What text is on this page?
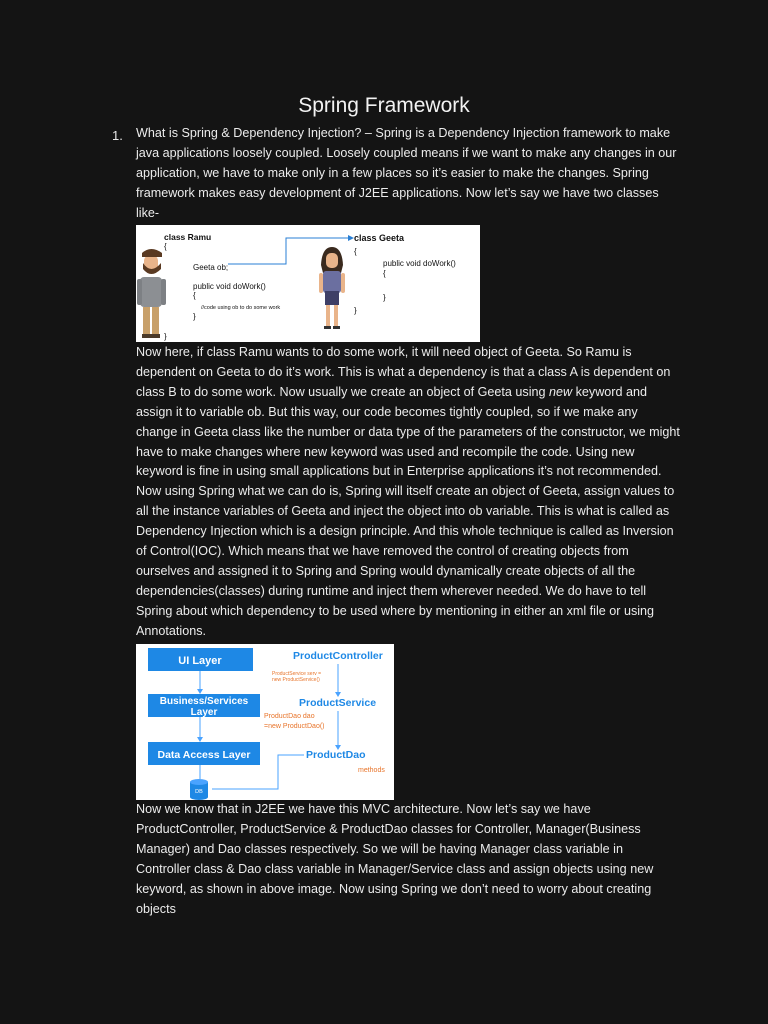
Spring Framework
1. What is Spring & Dependency Injection? – Spring is a Dependency Injection framework to make java applications loosely coupled. Loosely coupled means if we want to make any changes in our application, we have to make only in a few places so it’s easier to make the changes. Spring framework makes easy development of J2EE applications. Now let’s say we have two classes like-
class Ramu
{
Geeta ob;
public void doWork()
{
//code using ob to do some work
}
}
class Geeta
{
public void doWork()
{
}
}
Now here, if class Ramu wants to do some work, it will need object of Geeta. So Ramu is dependent on Geeta to do it’s work. This is what a dependency is that a class A is dependent on class B to do some work. Now usually we create an object of Geeta using new keyword and assign it to variable ob. But this way, our code becomes tightly coupled, so if we make any change in Geeta class like the number or data type of the parameters of the constructor, we might have to make changes where new keyword was used and recompile the code. Using new keyword is fine in using small applications but in Enterprise applications it’s not recommended. Now using Spring what we can do is, Spring will itself create an object of Geeta, assign values to all the instance variables of Geeta and inject the object into ob variable. This is what is called as Dependency Injection which is a design principle. And this whole technique is called as Inversion of Control(IOC). Which means that we have removed the control of creating objects from ourselves and assigned it to Spring and Spring would dynamically create objects of all the dependencies(classes) during runtime and inject them wherever needed. We do have to tell Spring about which dependency to be used where by mentioning in either an xml file or using Annotations.
UI Layer
Business/Services
Layer
Data Access Layer
DB
ProductController
ProductService serv =
new ProductService()
ProductService
ProductDao dao
=new ProductDao()
ProductDao
methods
Now we know that in J2EE we have this MVC architecture. Now let’s say we have ProductController, ProductService & ProductDao classes for Controller, Manager(Business Manager) and Dao classes respectively. So we will be having Manager class variable in Controller class & Dao class variable in Manager/Service class and assign objects using new keyword, as shown in above image. Now using Spring we don’t need to worry about creating objects
